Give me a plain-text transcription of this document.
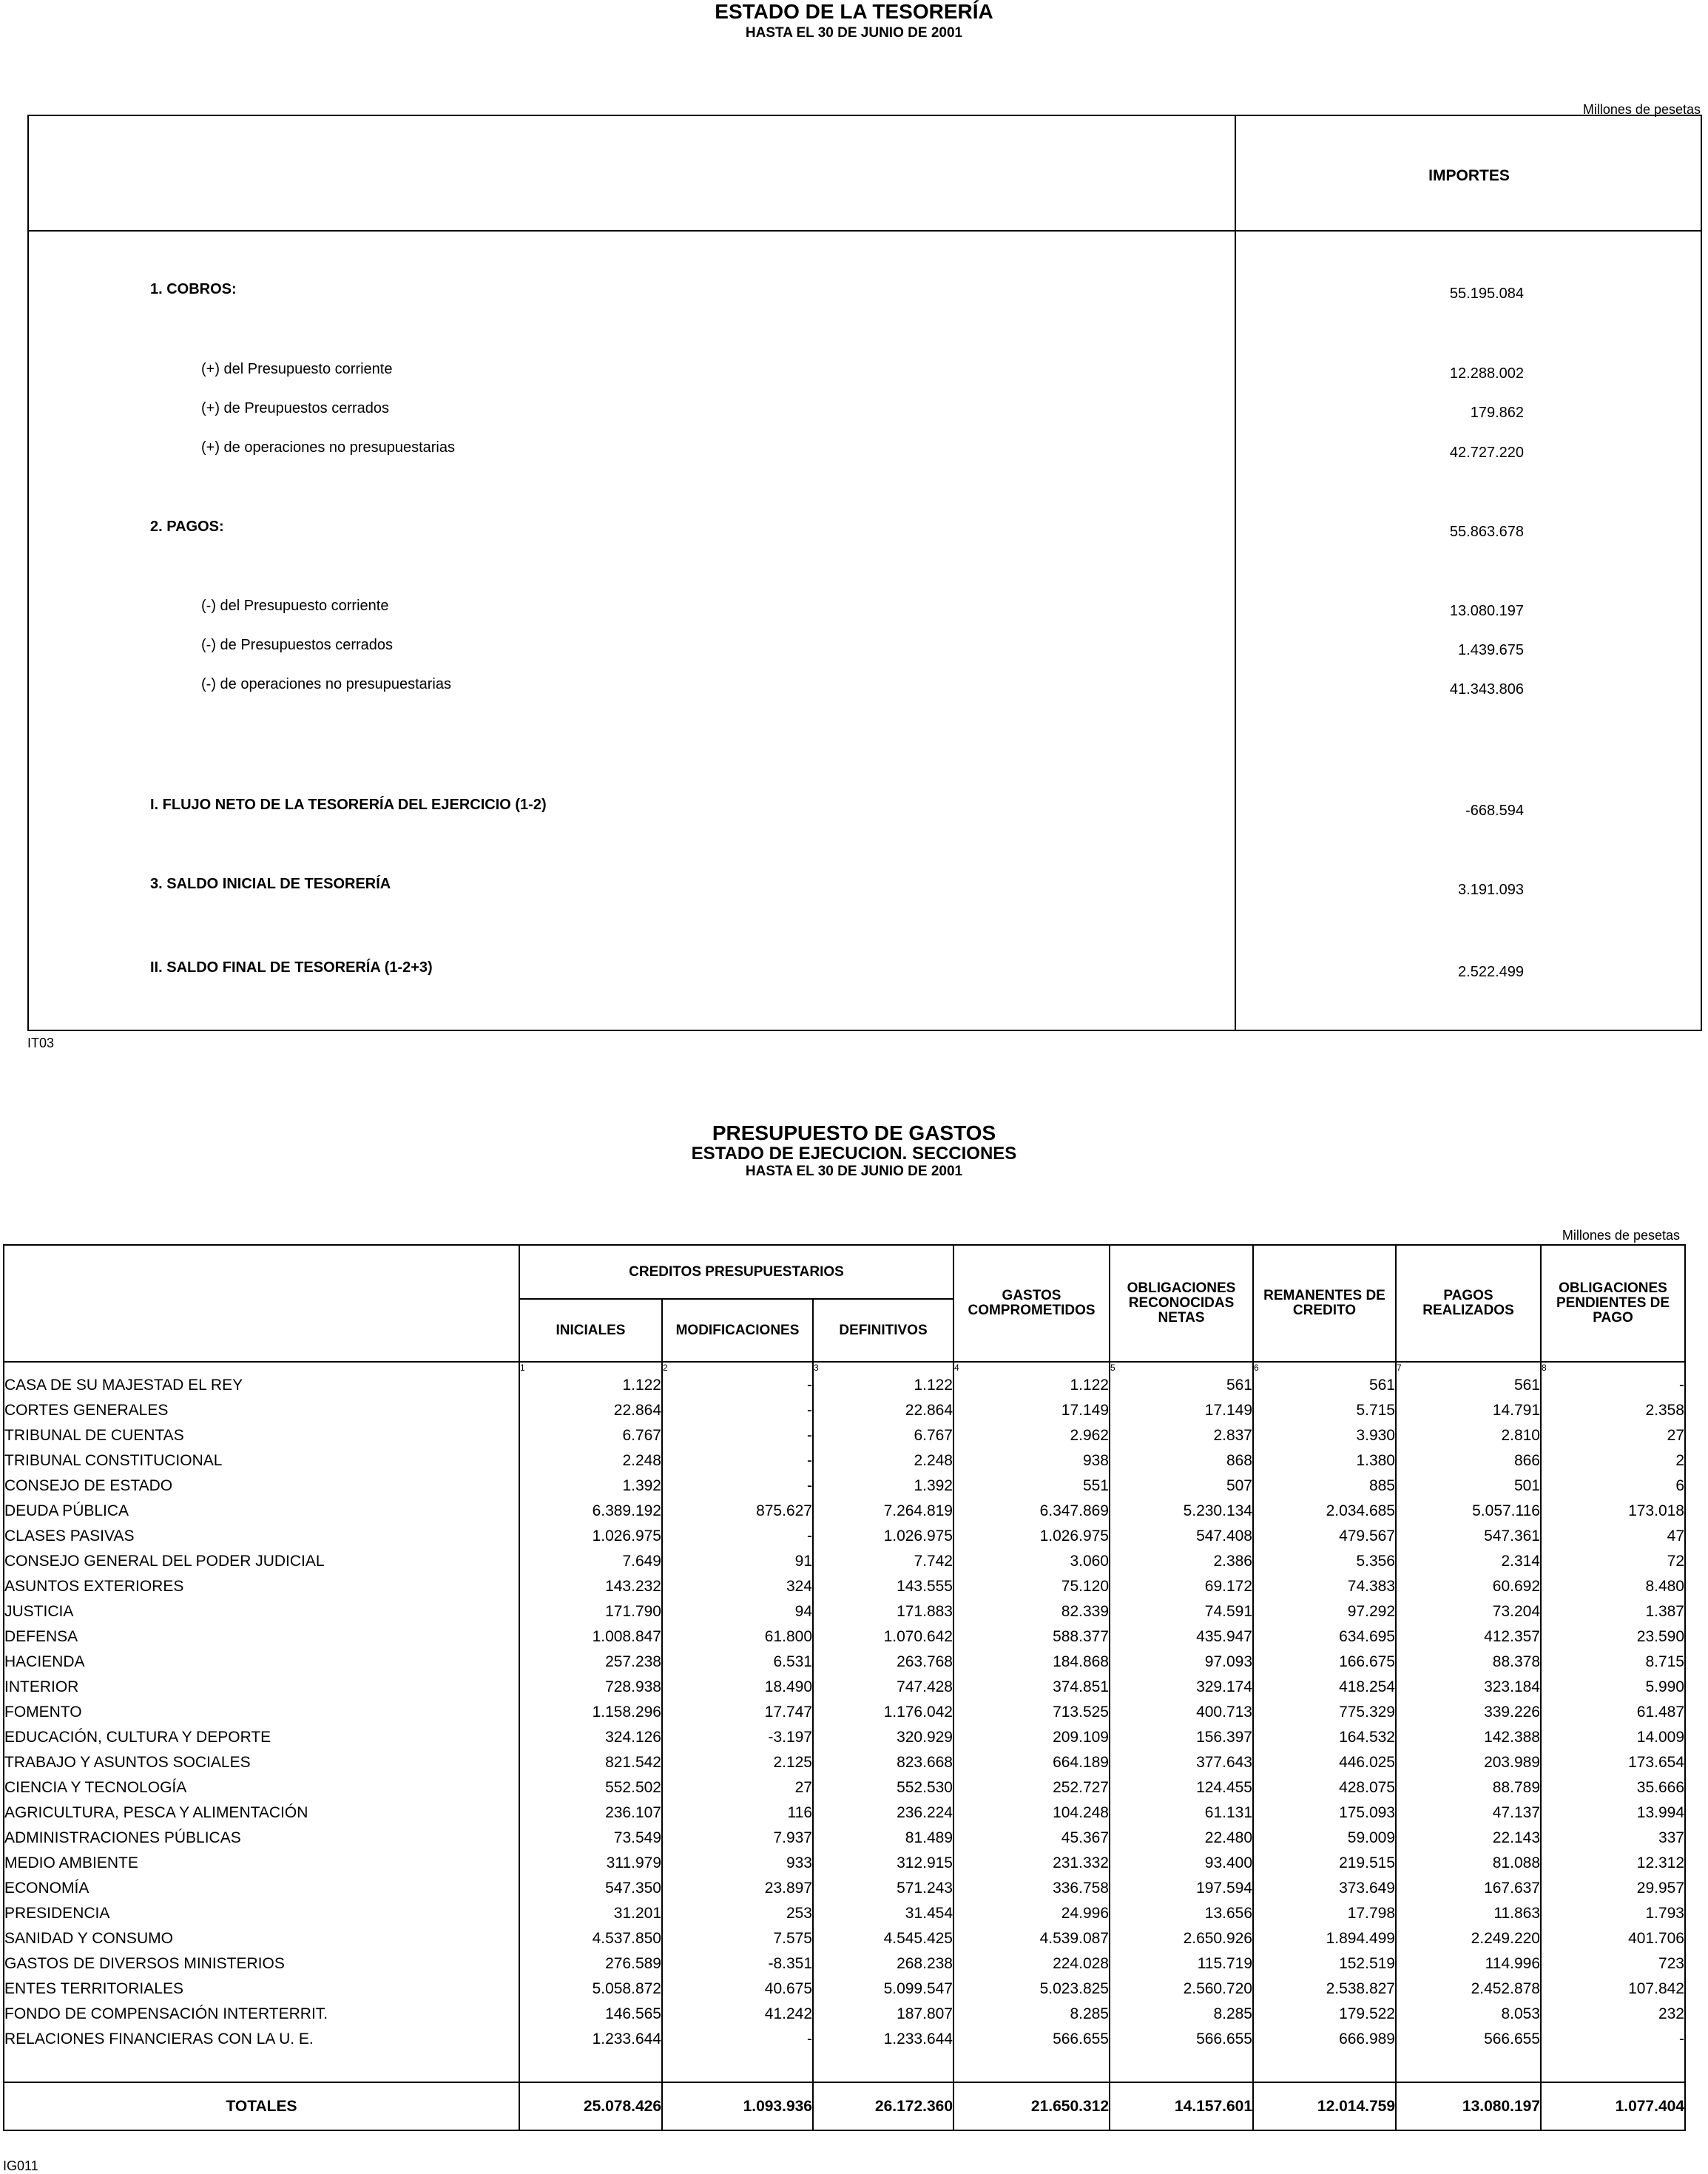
ESTADO DE LA TESORERÍA
HASTA EL 30 DE JUNIO DE 2001
Millones de pesetas
IMPORTES
1. COBROS:	55.195.084
(+) del Presupuesto corriente	12.288.002
(+) de Preupuestos cerrados	179.862
(+) de operaciones no presupuestarias	42.727.220
2. PAGOS:	55.863.678
(-) del Presupuesto corriente	13.080.197
(-) de Presupuestos cerrados	1.439.675
(-) de operaciones no presupuestarias	41.343.806
I. FLUJO NETO DE LA TESORERÍA DEL EJERCICIO (1-2)	-668.594
3. SALDO INICIAL DE TESORERÍA	3.191.093
II. SALDO FINAL DE TESORERÍA (1-2+3)	2.522.499
IT03
PRESUPUESTO DE GASTOS
ESTADO DE EJECUCION. SECCIONES
HASTA EL 30 DE JUNIO DE 2001
Millones de pesetas
	CREDITOS PRESUPUESTARIOS			GASTOS COMPROMETIDOS	OBLIGACIONES RECONOCIDAS NETAS	REMANENTES DE CREDITO	PAGOS REALIZADOS	OBLIGACIONES PENDIENTES DE PAGO
	INICIALES	MODIFICACIONES	DEFINITIVOS					
	1	2	3	4	5	6	7	8
CASA DE SU MAJESTAD EL REY	1.122	-	1.122	1.122	561	561	561	-
CORTES GENERALES	22.864	-	22.864	17.149	17.149	5.715	14.791	2.358
TRIBUNAL DE CUENTAS	6.767	-	6.767	2.962	2.837	3.930	2.810	27
TRIBUNAL CONSTITUCIONAL	2.248	-	2.248	938	868	1.380	866	2
CONSEJO DE ESTADO	1.392	-	1.392	551	507	885	501	6
DEUDA PÚBLICA	6.389.192	875.627	7.264.819	6.347.869	5.230.134	2.034.685	5.057.116	173.018
CLASES PASIVAS	1.026.975	-	1.026.975	1.026.975	547.408	479.567	547.361	47
CONSEJO GENERAL DEL PODER JUDICIAL	7.649	91	7.742	3.060	2.386	5.356	2.314	72
ASUNTOS EXTERIORES	143.232	324	143.555	75.120	69.172	74.383	60.692	8.480
JUSTICIA	171.790	94	171.883	82.339	74.591	97.292	73.204	1.387
DEFENSA	1.008.847	61.800	1.070.642	588.377	435.947	634.695	412.357	23.590
HACIENDA	257.238	6.531	263.768	184.868	97.093	166.675	88.378	8.715
INTERIOR	728.938	18.490	747.428	374.851	329.174	418.254	323.184	5.990
FOMENTO	1.158.296	17.747	1.176.042	713.525	400.713	775.329	339.226	61.487
EDUCACIÓN, CULTURA Y DEPORTE	324.126	-3.197	320.929	209.109	156.397	164.532	142.388	14.009
TRABAJO Y ASUNTOS SOCIALES	821.542	2.125	823.668	664.189	377.643	446.025	203.989	173.654
CIENCIA Y TECNOLOGÍA	552.502	27	552.530	252.727	124.455	428.075	88.789	35.666
AGRICULTURA, PESCA Y ALIMENTACIÓN	236.107	116	236.224	104.248	61.131	175.093	47.137	13.994
ADMINISTRACIONES PÚBLICAS	73.549	7.937	81.489	45.367	22.480	59.009	22.143	337
MEDIO AMBIENTE	311.979	933	312.915	231.332	93.400	219.515	81.088	12.312
ECONOMÍA	547.350	23.897	571.243	336.758	197.594	373.649	167.637	29.957
PRESIDENCIA	31.201	253	31.454	24.996	13.656	17.798	11.863	1.793
SANIDAD Y CONSUMO	4.537.850	7.575	4.545.425	4.539.087	2.650.926	1.894.499	2.249.220	401.706
GASTOS DE DIVERSOS MINISTERIOS	276.589	-8.351	268.238	224.028	115.719	152.519	114.996	723
ENTES TERRITORIALES	5.058.872	40.675	5.099.547	5.023.825	2.560.720	2.538.827	2.452.878	107.842
FONDO DE COMPENSACIÓN INTERTERRIT.	146.565	41.242	187.807	8.285	8.285	179.522	8.053	232
RELACIONES FINANCIERAS CON LA U. E.	1.233.644	-	1.233.644	566.655	566.655	666.989	566.655	-

TOTALES	25.078.426	1.093.936	26.172.360	21.650.312	14.157.601	12.014.759	13.080.197	1.077.404
IG011
